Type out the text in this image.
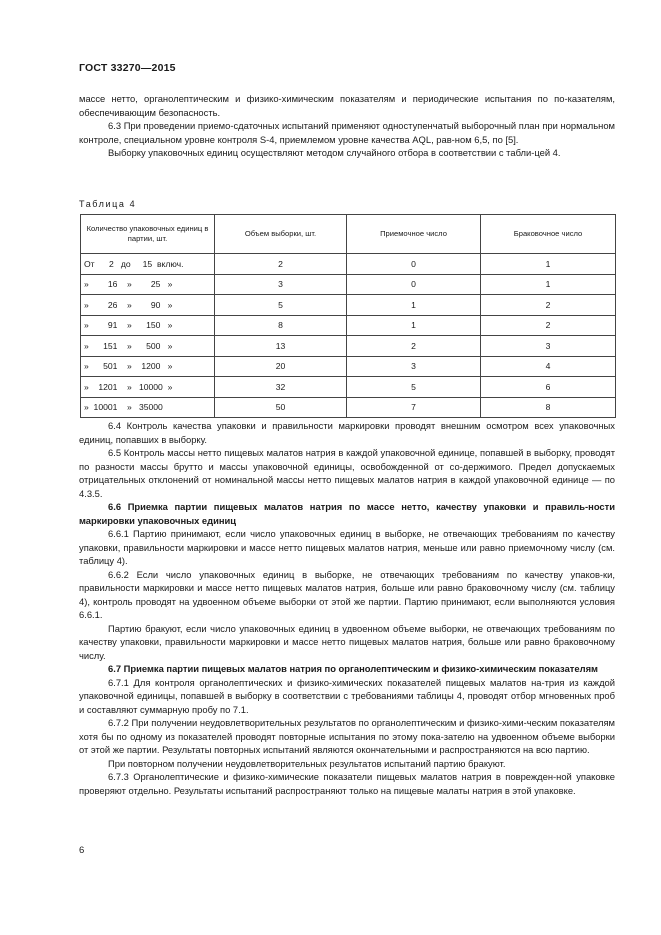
ГОСТ 33270—2015

массе нетто, органолептическим и физико-химическим показателям и периодические испытания по по-казателям, обеспечивающим безопасность.

6.3 При проведении приемо-сдаточных испытаний применяют одноступенчатый выборочный план при нормальном контроле, специальном уровне контроля S-4, приемлемом уровне качества AQL, рав-ном 6,5, по [5].

Выборку упаковочных единиц осуществляют методом случайного отбора в соответствии с табли-цей 4.

Таблица 4
Количество упаковочных единиц в партии, шт.	Объем выборки, шт.	Приемочное число	Браковочное число
От      2   до     15  включ.	2	0	1
»        16    »        25   »	3	0	1
»        26    »        90   »	5	1	2
»        91    »      150   »	8	1	2
»      151    »      500   »	13	2	3
»      501    »    1200   »	20	3	4
»    1201    »   10000  »	32	5	6
»  10001    »   35000	50	7	8

6.4 Контроль качества упаковки и правильности маркировки проводят внешним осмотром всех упаковочных единиц, попавших в выборку.

6.5 Контроль массы нетто пищевых малатов натрия в каждой упаковочной единице, попавшей в выборку, проводят по разности массы брутто и массы упаковочной единицы, освобожденной от со-держимого. Предел допускаемых отрицательных отклонений от номинальной массы нетто пищевых малатов натрия в каждой упаковочной единице — по 4.3.5.

6.6 Приемка партии пищевых малатов натрия по массе нетто, качеству упаковки и правиль-ности маркировки упаковочных единиц

6.6.1 Партию принимают, если число упаковочных единиц в выборке, не отвечающих требованиям по качеству упаковки, правильности маркировки и массе нетто пищевых малатов натрия, меньше или равно приемочному числу (см. таблицу 4).

6.6.2 Если число упаковочных единиц в выборке, не отвечающих требованиям по качеству упаков-ки, правильности маркировки и массе нетто пищевых малатов натрия, больше или равно браковочному числу (см. таблицу 4), контроль проводят на удвоенном объеме выборки от этой же партии. Партию принимают, если выполняются условия 6.6.1.

Партию бракуют, если число упаковочных единиц в удвоенном объеме выборки, не отвечающих требованиям по качеству упаковки, правильности маркировки и массе нетто пищевых малатов натрия, больше или равно браковочному числу.

6.7 Приемка партии пищевых малатов натрия по органолептическим и физико-химическим показателям

6.7.1 Для контроля органолептических и физико-химических показателей пищевых малатов на-трия из каждой упаковочной единицы, попавшей в выборку в соответствии с требованиями таблицы 4, проводят отбор мгновенных проб и составляют суммарную пробу по 7.1.

6.7.2 При получении неудовлетворительных результатов по органолептическим и физико-хими-ческим показателям хотя бы по одному из показателей проводят повторные испытания по этому пока-зателю на удвоенном объеме выборки от этой же партии. Результаты повторных испытаний являются окончательными и распространяются на всю партию.

При повторном получении неудовлетворительных результатов испытаний партию бракуют.

6.7.3 Органолептические и физико-химические показатели пищевых малатов натрия в поврежден-ной упаковке проверяют отдельно. Результаты испытаний распространяют только на пищевые малаты натрия в этой упаковке.

6
